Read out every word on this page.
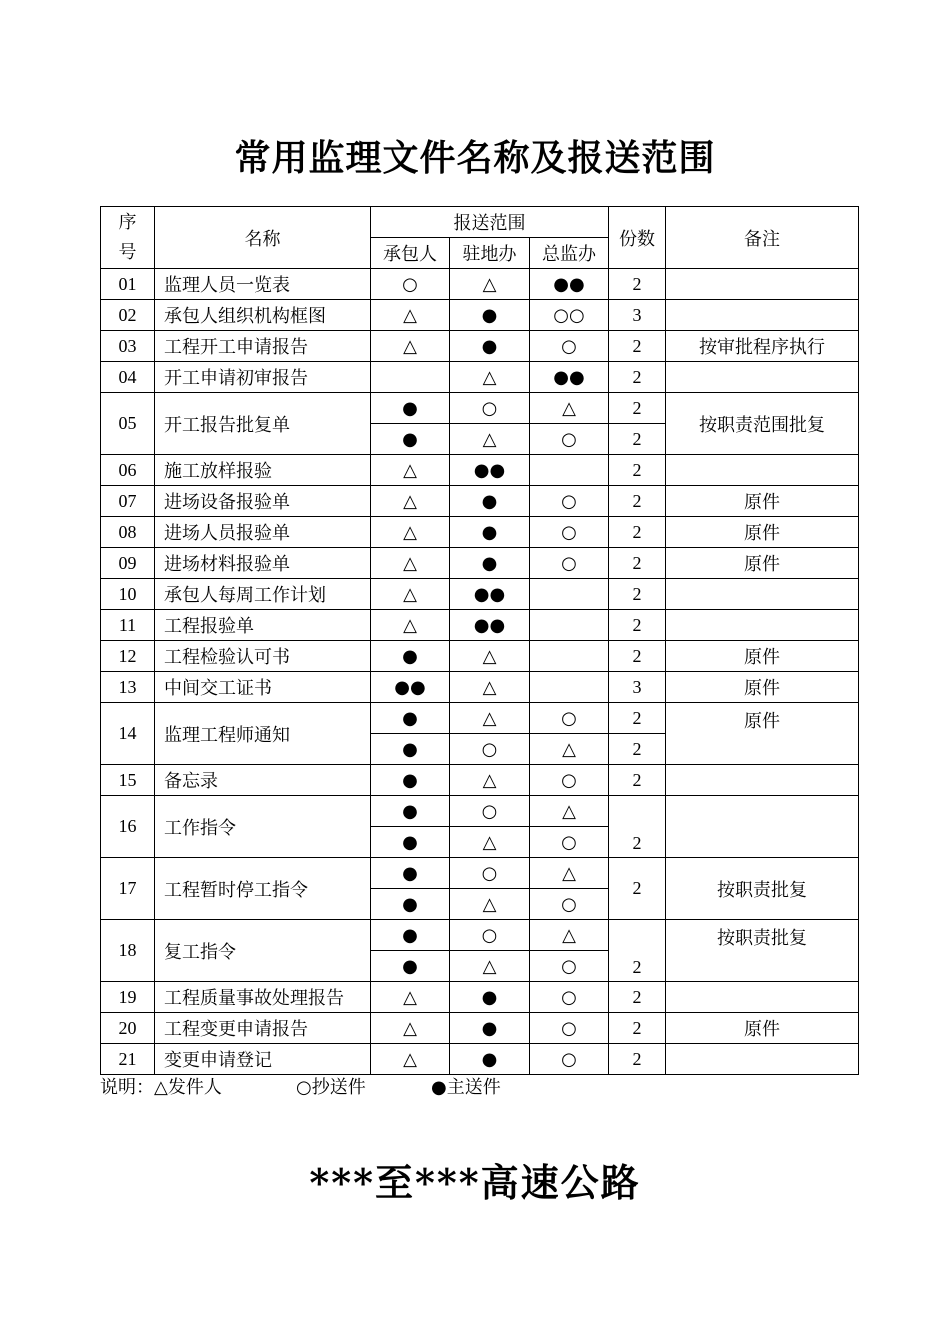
常用监理文件名称及报送范围
序
号	名称	报送范围			份数	备注
		承包人	驻地办	总监办		
01	监理人员一览表	○	△	●●	2	
02	承包人组织机构框图	△	●	○○	3	
03	工程开工申请报告	△	●	○	2	按审批程序执行
04	开工申请初审报告		△	●●	2	
05	开工报告批复单	●	○	△	2	按职责范围批复
		●	△	○	2	
06	施工放样报验	△	●●		2	
07	进场设备报验单	△	●	○	2	原件
08	进场人员报验单	△	●	○	2	原件
09	进场材料报验单	△	●	○	2	原件
10	承包人每周工作计划	△	●●		2	
11	工程报验单	△	●●		2	
12	工程检验认可书	●	△		2	原件
13	中间交工证书	●●	△		3	原件
14	监理工程师通知	●	△	○	2	原件
		●	○	△	2	
15	备忘录	●	△	○	2	
16	工作指令	●	○	△	2	
		●	△	○		
17	工程暂时停工指令	●	○	△	2	按职责批复
		●	△	○		
18	复工指令	●	○	△	2	按职责批复
		●	△	○		
19	工程质量事故处理报告	△	●	○	2	
20	工程变更申请报告	△	●	○	2	原件
21	变更申请登记	△	●	○	2	
说明：△发件人	○抄送件	●主送件
***至***高速公路
